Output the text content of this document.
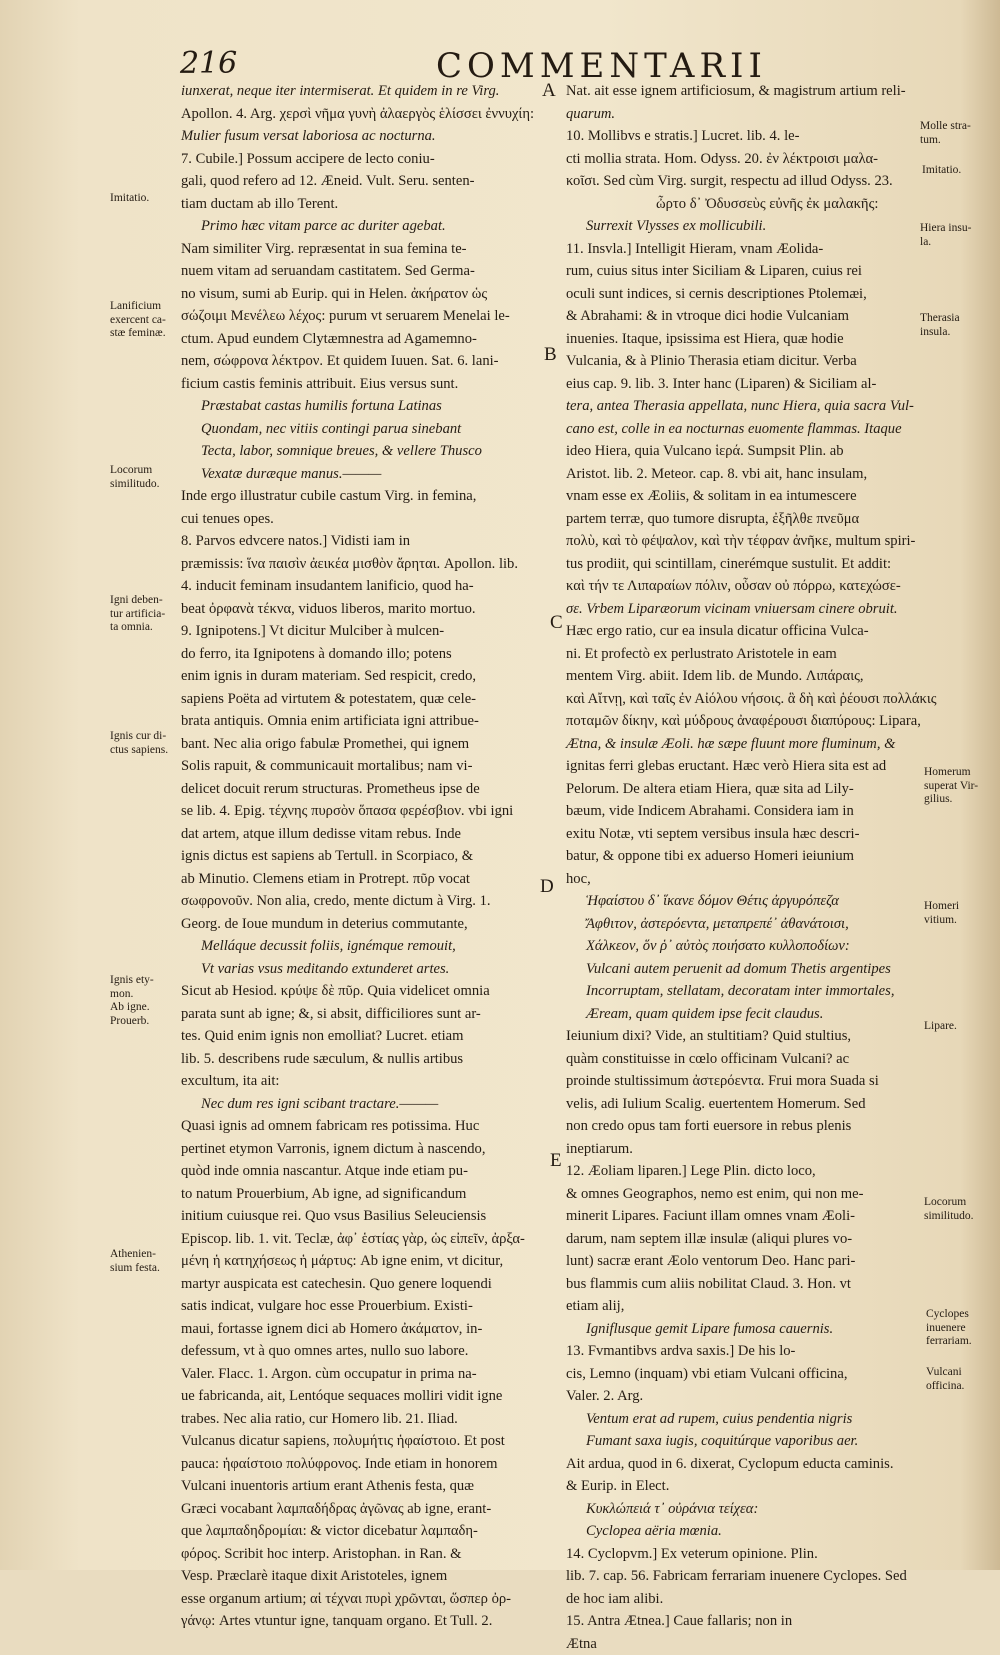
216	COMMENTARII
A
B
C
D
E
iunxerat, neque iter intermiserat. Et quidem in re Virg.
Apollon. 4. Arg. χερσὶ νῆμα γυνὴ ἀλαεργὸς ἑλίσσει ἐννυχίη:
Mulier fusum versat laboriosa ac nocturna.
7. Cubile.] Possum accipere de lecto coniu-
gali, quod refero ad 12. Æneid. Vult. Seru. senten-
tiam ductam ab illo Terent.
Primo hæc vitam parce ac duriter agebat.
Nam similiter Virg. repræsentat in sua femina te-
nuem vitam ad seruandam castitatem. Sed Germa-
no visum, sumi ab Eurip. qui in Helen. ἀκήρατον ὡς
σώζοιμι Μενέλεω λέχος: purum vt seruarem Menelai le-
ctum. Apud eundem Clytæmnestra ad Agamemno-
nem, σώφρονα λέκτρον. Et quidem Iuuen. Sat. 6. lani-
ficium castis feminis attribuit. Eius versus sunt.
Præstabat castas humilis fortuna Latinas
Quondam, nec vitiis contingi parua sinebant
Tecta, labor, somnique breues, & vellere Thusco
Vexatæ duræque manus.———
Inde ergo illustratur cubile castum Virg. in femina,
cui tenues opes.
8. Parvos edvcere natos.] Vidisti iam in
præmissis: ἵνα παισὶν ἀεικέα μισθὸν ἄρηται. Apollon. lib.
4. inducit feminam insudantem lanificio, quod ha-
beat ὀρφανὰ τέκνα, viduos liberos, marito mortuo.
9. Ignipotens.] Vt dicitur Mulciber à mulcen-
do ferro, ita Ignipotens à domando illo; potens
enim ignis in duram materiam. Sed respicit, credo,
sapiens Poëta ad virtutem & potestatem, quæ cele-
brata antiquis. Omnia enim artificiata igni attribue-
bant. Nec alia origo fabulæ Promethei, qui ignem
Solis rapuit, & communicauit mortalibus; nam vi-
delicet docuit rerum structuras. Prometheus ipse de
se lib. 4. Epig. τέχνης πυρσὸν ὅπασα φερέσβιον. vbi igni
dat artem, atque illum dedisse vitam rebus. Inde
ignis dictus est sapiens ab Tertull. in Scorpiaco, &
ab Minutio. Clemens etiam in Protrept. πῦρ vocat
σωφρονοῦν. Non alia, credo, mente dictum à Virg. 1.
Georg. de Ioue mundum in deterius commutante,
Melláque decussit foliis, ignémque remouit,
Vt varias vsus meditando extunderet artes.
Sicut ab Hesiod. κρύψε δὲ πῦρ. Quia videlicet omnia
parata sunt ab igne; &, si absit, difficiliores sunt ar-
tes. Quid enim ignis non emolliat? Lucret. etiam
lib. 5. describens rude sæculum, & nullis artibus
excultum, ita ait:
Nec dum res igni scibant tractare.———
Quasi ignis ad omnem fabricam res potissima. Huc
pertinet etymon Varronis, ignem dictum à nascendo,
quòd inde omnia nascantur. Atque inde etiam pu-
to natum Prouerbium, Ab igne, ad significandum
initium cuiusque rei. Quo vsus Basilius Seleuciensis
Episcop. lib. 1. vit. Teclæ, ἀφ᾽ ἑστίας γὰρ, ὡς εἰπεῖν, ἀρξα-
μένη ἡ κατηχήσεως ἡ μάρτυς: Ab igne enim, vt dicitur,
martyr auspicata est catechesin. Quo genere loquendi
satis indicat, vulgare hoc esse Prouerbium. Existi-
maui, fortasse ignem dici ab Homero ἀκάματον, in-
defessum, vt à quo omnes artes, nullo suo labore.
Valer. Flacc. 1. Argon. cùm occupatur in prima na-
ue fabricanda, ait, Lentóque sequaces molliri vidit igne
trabes. Nec alia ratio, cur Homero lib. 21. Iliad.
Vulcanus dicatur sapiens, πολυμήτις ἡφαίστοιο. Et post
pauca: ἡφαίστοιο πολύφρονος. Inde etiam in honorem
Vulcani inuentoris artium erant Athenis festa, quæ
Græci vocabant λαμπαδήδρας ἀγῶνας ab igne, erant-
que λαμπαδηδρομίαι: & victor dicebatur λαμπαδη-
φόρος. Scribit hoc interp. Aristophan. in Ran. &
Vesp. Præclarè itaque dixit Aristoteles, ignem
esse organum artium; αἱ τέχναι πυρὶ χρῶνται, ὥσπερ ὀρ-
γάνῳ: Artes vtuntur igne, tanquam organo. Et Tull. 2.
Nat. ait esse ignem artificiosum, & magistrum artium reli-
quarum.
10. Mollibvs e stratis.] Lucret. lib. 4. le-
cti mollia strata. Hom. Odyss. 20. ἐν λέκτροισι μαλα-
κοῖσι. Sed cùm Virg. surgit, respectu ad illud Odyss. 23.
ὦρτο δ᾽ Ὀδυσσεὺς εὐνῆς ἐκ μαλακῆς:
Surrexit Vlysses ex mollicubili.
11. Insvla.] Intelligit Hieram, vnam Æolida-
rum, cuius situs inter Siciliam & Liparen, cuius rei
oculi sunt indices, si cernis descriptiones Ptolemæi,
& Abrahami: & in vtroque dici hodie Vulcaniam
inuenies. Itaque, ipsissima est Hiera, quæ hodie
Vulcania, & à Plinio Therasia etiam dicitur. Verba
eius cap. 9. lib. 3. Inter hanc (Liparen) & Siciliam al-
tera, antea Therasia appellata, nunc Hiera, quia sacra Vul-
cano est, colle in ea nocturnas euomente flammas. Itaque
ideo Hiera, quia Vulcano ἱερά. Sumpsit Plin. ab
Aristot. lib. 2. Meteor. cap. 8. vbi ait, hanc insulam,
vnam esse ex Æoliis, & solitam in ea intumescere
partem terræ, quo tumore disrupta, ἐξῆλθε πνεῦμα
πολὺ, καὶ τὸ φέψαλον, καὶ τὴν τέφραν ἀνῆκε, multum spiri-
tus prodiit, qui scintillam, cinerémque sustulit. Et addit:
καὶ τήν τε Λιπαραίων πόλιν, οὖσαν οὐ πόρρω, κατεχώσε-
σε. Vrbem Liparæorum vicinam vniuersam cinere obruit.
Hæc ergo ratio, cur ea insula dicatur officina Vulca-
ni. Et profectò ex perlustrato Aristotele in eam
mentem Virg. abiit. Idem lib. de Mundo. Λιπάραις,
καὶ Αἴτνῃ, καὶ ταῖς ἐν Αἰόλου νήσοις. ἃ δὴ καὶ ῥέουσι πολλάκις
ποταμῶν δίκην, καὶ μύδρους ἀναφέρουσι διαπύρους: Lipara,
Ætna, & insulæ Æoli. hæ sæpe fluunt more fluminum, &
ignitas ferri glebas eructant. Hæc verò Hiera sita est ad
Pelorum. De altera etiam Hiera, quæ sita ad Lily-
bæum, vide Indicem Abrahami. Considera iam in
exitu Notæ, vti septem versibus insula hæc descri-
batur, & oppone tibi ex aduerso Homeri ieiunium
hoc,
Ἡφαίστου δ᾽ ἵκανε δόμον Θέτις ἀργυρόπεζα
Ἄφθιτον, ἀστερόεντα, μεταπρεπέ᾽ ἀθανάτοισι,
Χάλκεον, ὅν ῥ᾽ αὐτὸς ποιήσατο κυλλοποδίων:
Vulcani autem peruenit ad domum Thetis argentipes
Incorruptam, stellatam, decoratam inter immortales,
Æream, quam quidem ipse fecit claudus.
Ieiunium dixi? Vide, an stultitiam? Quid stultius,
quàm constituisse in cœlo officinam Vulcani? ac
proinde stultissimum ἀστερόεντα. Frui mora Suada si
velis, adi Iulium Scalig. euertentem Homerum. Sed
non credo opus tam forti euersore in rebus plenis
ineptiarum.
12. Æoliam liparen.] Lege Plin. dicto loco,
& omnes Geographos, nemo est enim, qui non me-
minerit Lipares. Faciunt illam omnes vnam Æoli-
darum, nam septem illæ insulæ (aliqui plures vo-
lunt) sacræ erant Æolo ventorum Deo. Hanc pari-
bus flammis cum aliis nobilitat Claud. 3. Hon. vt
etiam alij,
Igniflusque gemit Lipare fumosa cauernis.
13. Fvmantibvs ardva saxis.] De his lo-
cis, Lemno (inquam) vbi etiam Vulcani officina,
Valer. 2. Arg.
Ventum erat ad rupem, cuius pendentia nigris
Fumant saxa iugis, coquitúrque vaporibus aer.
Ait ardua, quod in 6. dixerat, Cyclopum educta caminis.
& Eurip. in Elect.
Κυκλώπειά τ᾽ οὐράνια τείχεα:
Cyclopea aëria mœnia.
14. Cyclopvm.] Ex veterum opinione. Plin.
lib. 7. cap. 56. Fabricam ferrariam inuenere Cyclopes. Sed
de hoc iam alibi.
15. Antra Ætnea.] Caue fallaris; non in
Ætna
Imitatio.
Lanificium
exercent ca-
stæ feminæ.
Locorum
similitudo.
Igni deben-
tur artificia-
ta omnia.
Ignis cur di-
ctus sapiens.
Ignis ety-
mon.
Ab igne.
Prouerb.
Athenien-
sium festa.
Molle stra-
tum.
Imitatio.
Hiera insu-
la.
Therasia
insula.
Homerum
superat Vir-
gilius.
Homeri
vitium.
Lipare.
Locorum
similitudo.
Cyclopes
inuenere
ferrariam.
Vulcani
officina.
